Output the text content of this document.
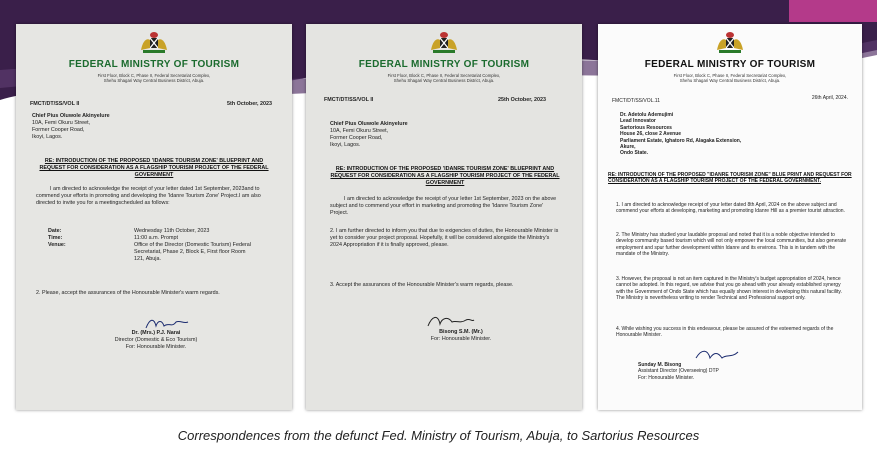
FEDERAL MINISTRY OF TOURISM
First Floor, Block C, Phase II, Federal Secretariat Complex,
Shehu Shagari Way Central Business District, Abuja.
FMCT/DT/SS/VOL II	5th October, 2023
Chief Pius Oluwole Akinyelure
10A, Femi Okuru Street,
Former Cooper Road,
Ikoyi, Lagos.
RE: INTRODUCTION OF THE PROPOSED 'IDANRE TOURISM ZONE' BLUEPRINT AND REQUEST FOR CONSIDERATION AS A FLAGSHIP TOURISM PROJECT OF THE FEDERAL GOVERNMENT
I am directed to acknowledge the receipt of your letter dated 1st September, 2023and to commend your efforts in promoting and developing the 'Idanre Tourism Zone' Project.I am also directed to invite you for a meetingscheduled as follows:
Date:	Wednesday 11th October, 2023
Time:	11:00 a.m. Prompt
Venue:	Office of the Director (Domestic Tourism) Federal Secretariat, Phase 2, Block E, First floor Room 121, Abuja.
2. Please, accept the assurances of the Honourable Minister's warm regards.
Dr. (Mrs.) P.J. Narai
Director (Domestic & Eco Tourism)
For: Honourable Minister.
FEDERAL MINISTRY OF TOURISM
First Floor, Block C, Phase II, Federal Secretariat Complex,
Shehu Shagari Way Central Business District, Abuja.
FMCT/DT/SS/VOL II	25th October, 2023
Chief Pius Oluwole Akinyelure
10A, Femi Okuru Street,
Former Cooper Road,
Ikoyi, Lagos.
RE: INTRODUCTION OF THE PROPOSED 'IDANRE TOURISM ZONE' BLUEPRINT AND REQUEST FOR CONSIDERATION AS A FLAGSHIP TOURISM PROJECT OF THE FEDERAL GOVERNMENT
I am directed to acknowledge the receipt of your letter 1st September, 2023 on the above subject and to commend your effort in marketing and promoting the 'Idanre Tourism Zone' Project.
2. I am further directed to inform you that due to exigencies of duties, the Honourable Minister is yet to consider your project proposal. Hopefully, it will be considered alongside the Ministry's 2024 Appropriation if it is finally approved, please.
3. Accept the assurances of the Honourable Minister's warm regards, please.
Bisong S.M. (Mr.)
For: Honourable Minister.
FEDERAL MINISTRY OF TOURISM
First Floor, Block C, Phase II, Federal Secretariat Complex,
Shehu Shagari Way Central Business District, Abuja.
FMCT/DT/SS/VOL.11	26th April, 2024.
Dr. Adetolu Ademujimi
Lead Innovator
Sartorious Resources
House 26, close 2 Avenue
Parliament Estate, Ighatoro Rd, Alagaka Extension,
Akure,
Ondo State.
RE: INTRODUCTION OF THE PROPOSED "IDANRE TOURISM ZONE" BLUE PRINT AND REQUEST FOR CONSIDERATION AS A FLAGSHIP TOURISM PROJECT OF THE FEDERAL GOVERNMENT.
1. I am directed to acknowledge receipt of your letter dated 8th April, 2024 on the above subject and commend your efforts at developing, marketing and promoting Idanre Hill as a premier tourist attraction.
2. The Ministry has studied your laudable proposal and noted that it is a noble objective intended to develop community based tourism which will not only empower the local communities, but also generate employment and spur further development within Idanre and its environs. This is in tandem with the mandate of the Ministry.
3. However, the proposal is not an item captured in the Ministry's budget appropriation of 2024, hence cannot be adopted. In this regard, we advise that you go ahead with your already established synergy with the Government of Ondo State which has equally shown interest in developing this natural facility. The Ministry is nevertheless writing to render Technical and Professional support only.
4. While wishing you success in this endeavour, please be assured of the esteemed regards of the Honourable Minister.
Sunday M. Bisong
Assistant Director (Overseeing) DTP
For: Honourable Minister.
Correspondences from the defunct Fed. Ministry of Tourism, Abuja, to Sartorius Resources
